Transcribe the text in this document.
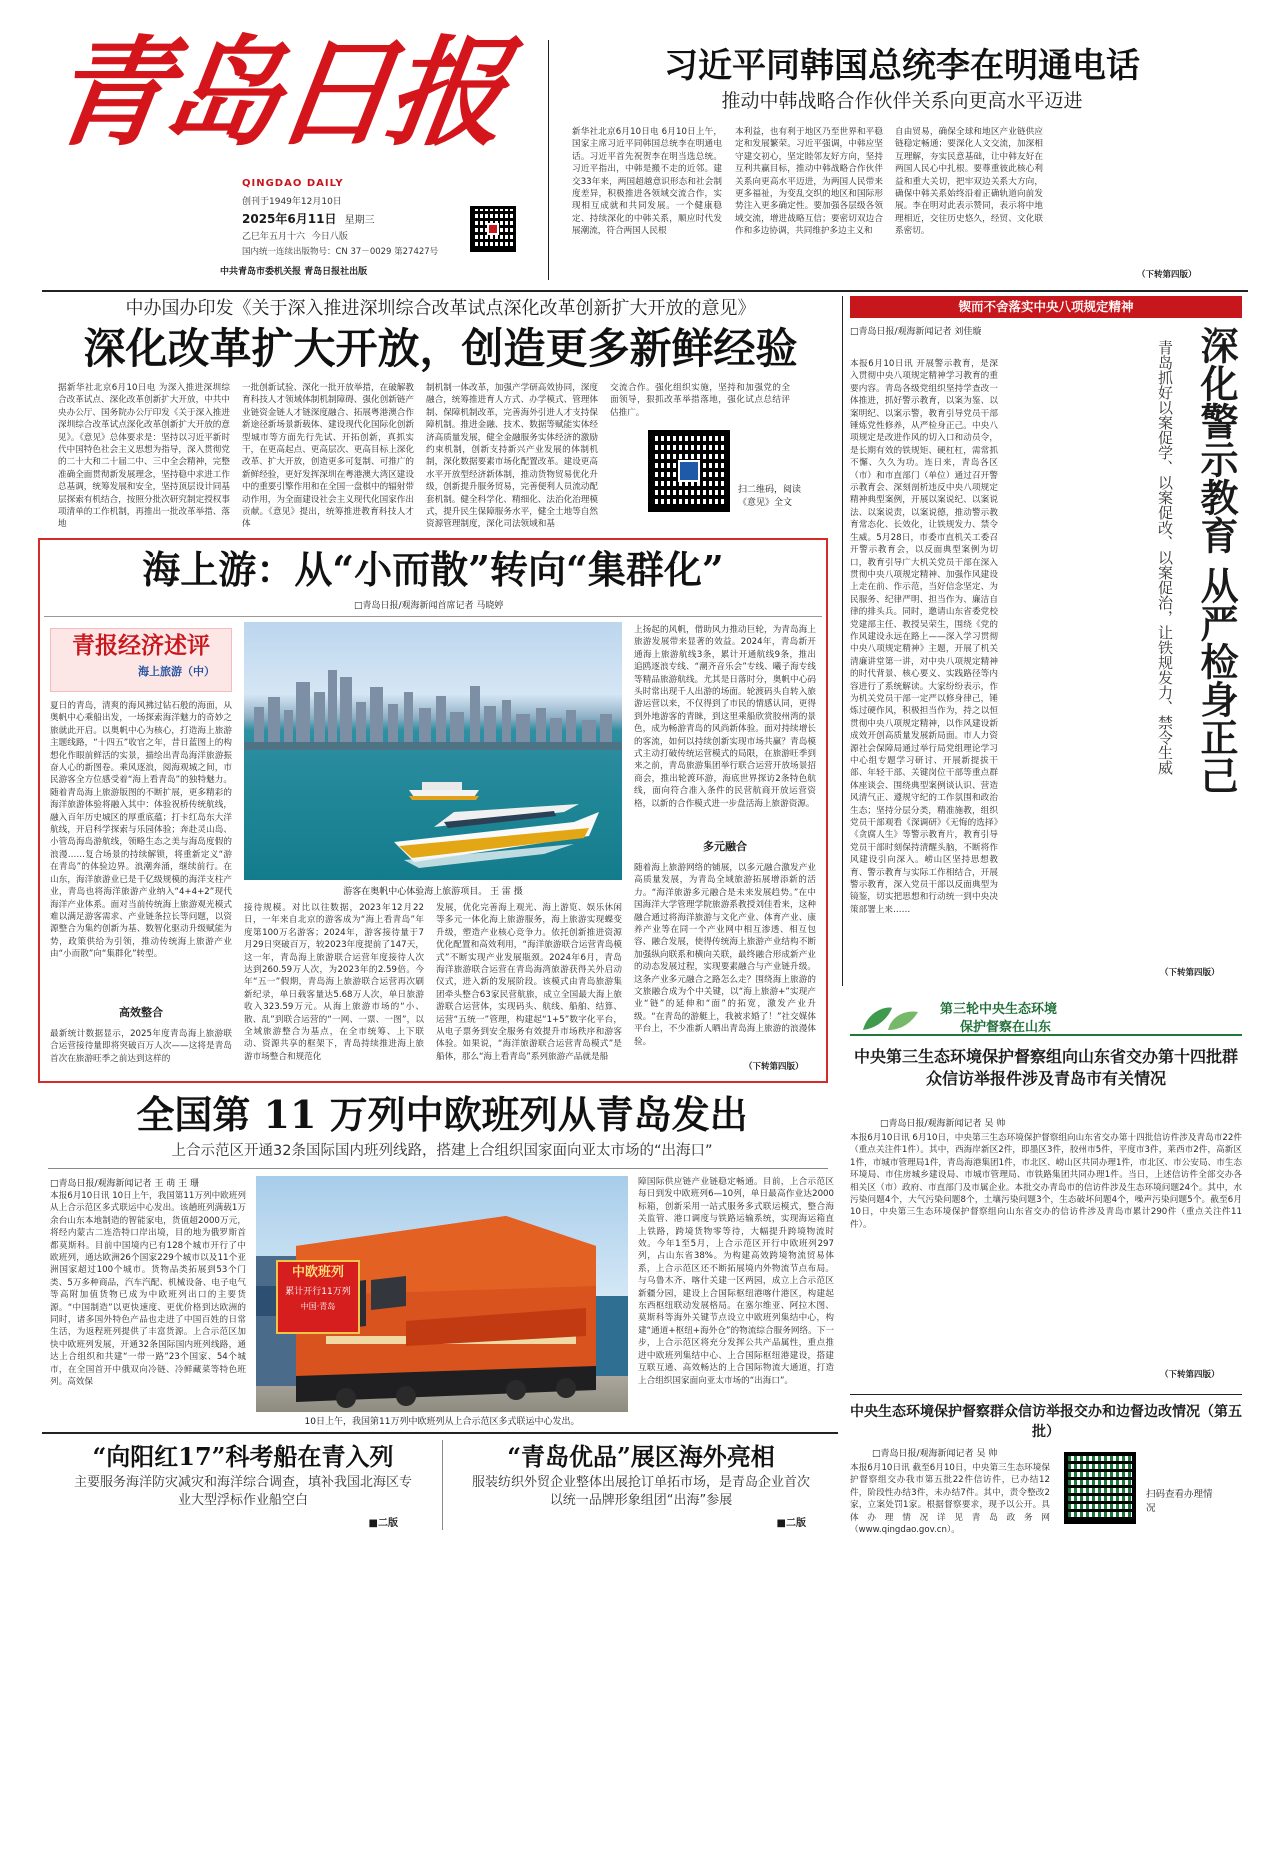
青岛日报
QINGDAO DAILY
创刊于1949年12月10日
2025年6月11日 星期三
乙巳年五月十六 今日八版
国内统一连续出版物号：CN 37－0029 第27427号
中共青岛市委机关报 青岛日报社出版
习近平同韩国总统李在明通电话
推动中韩战略合作伙伴关系向更高水平迈进
新华社北京6月10日电 6月10日上午，国家主席习近平同韩国总统李在明通电话。习近平首先祝贺李在明当选总统。习近平指出，中韩是搬不走的近邻。建交33年来，两国超越意识形态和社会制度差异，积极推进各领域交流合作，实现相互成就和共同发展。一个健康稳定、持续深化的中韩关系，顺应时代发展潮流，符合两国人民根
本利益，也有利于地区乃至世界和平稳定和发展繁荣。习近平强调，中韩应坚守建交初心，坚定睦邻友好方向，坚持互利共赢目标，推动中韩战略合作伙伴关系向更高水平迈进，为两国人民带来更多福祉，为变乱交织的地区和国际形势注入更多确定性。要加强各层级各领域交流，增进战略互信；要密切双边合作和多边协调，共同维护多边主义和
自由贸易，确保全球和地区产业链供应链稳定畅通；要深化人文交流，加深相互理解，夯实民意基础，让中韩友好在两国人民心中扎根。要尊重彼此核心利益和重大关切，把牢双边关系大方向，确保中韩关系始终沿着正确轨道向前发展。李在明对此表示赞同，表示将中地理相近，交往历史悠久，经贸、文化联系密切。
（下转第四版）
中办国办印发《关于深入推进深圳综合改革试点深化改革创新扩大开放的意见》
深化改革扩大开放，创造更多新鲜经验
据新华社北京6月10日电 为深入推进深圳综合改革试点、深化改革创新扩大开放，中共中央办公厅、国务院办公厅印发《关于深入推进深圳综合改革试点深化改革创新扩大开放的意见》。《意见》总体要求是：坚持以习近平新时代中国特色社会主义思想为指导，深入贯彻党的二十大和二十届二中、三中全会精神，完整准确全面贯彻新发展理念，坚持稳中求进工作总基调，统筹发展和安全，坚持顶层设计同基层探索有机结合，按照分批次研究制定授权事项清单的工作机制，再推出一批改革举措、落地
一批创新试验、深化一批开放举措，在破解教育科技人才领域体制机制障碍、强化创新链产业链资金链人才链深度融合、拓展粤港澳合作新途径新场景新载体、建设现代化国际化创新型城市等方面先行先试、开拓创新，真抓实干，在更高起点、更高层次、更高目标上深化改革、扩大开放，创造更多可复制、可推广的新鲜经验，更好发挥深圳在粤港澳大湾区建设中的重要引擎作用和在全国一盘棋中的辐射带动作用，为全面建设社会主义现代化国家作出贡献。《意见》提出，统筹推进教育科技人才体
制机制一体改革，加强产学研高效协同，深度融合，统筹推进育人方式、办学模式、管理体制、保障机制改革，完善海外引进人才支持保障机制。推进金融、技术、数据等赋能实体经济高质量发展，健全金融服务实体经济的激励约束机制，创新支持新兴产业发展的体制机制，深化数据要素市场化配置改革。建设更高水平开放型经济新体制，推动货物贸易优化升级，创新提升服务贸易，完善便利人员流动配套机制。健全科学化、精细化、法治化治理模式，提升民生保障服务水平，健全土地等自然资源管理制度，深化司法领域和基
交流合作。强化组织实施，坚持和加强党的全面领导，狠抓改革举措落地，强化试点总结评估推广。
扫二维码，阅读《意见》全文
锲而不舍落实中央八项规定精神
□青岛日报/观海新闻记者 刘佳璇
本报6月10日讯 开展警示教育，是深入贯彻中央八项规定精神学习教育的重要内容。青岛各级党组织坚持学查改一体推进，抓好警示教育，以案为鉴、以案明纪、以案示警，教育引导党员干部锤炼党性修养，从严检身正己。中央八项规定是改进作风的切入口和动员令，是长期有效的铁规矩、硬杠杠，需常抓不懈、久久为功。连日来，青岛各区（市）和市直部门（单位）通过召开警示教育会、深刻剖析违反中央八项规定精神典型案例，开展以案说纪、以案说法、以案说责，以案说德，推动警示教育常态化、长效化，让铁规发力、禁令生威。5月28日，市委市直机关工委召开警示教育会，以反面典型案例为切口，教育引导广大机关党员干部在深入贯彻中央八项规定精神、加强作风建设上走在前、作示范，当好信念坚定、为民服务、纪律严明、担当作为、廉洁自律的排头兵。同时，邀请山东省委党校党建部主任、教授吴荣生，围绕《党的作风建设永远在路上——深入学习贯彻中央八项规定精神》主题，开展了机关清廉讲堂第一讲，对中央八项规定精神的时代背景、核心要义、实践路径等内容进行了系统解读。大家纷纷表示，作为机关党员干部一定严以修身律己，锤炼过硬作风，积极担当作为，持之以恒贯彻中央八项规定精神，以作风建设新成效开创高质量发展新局面。市人力资源社会保障局通过举行局党组理论学习中心组专题学习研讨、开展新提拔干部、年轻干部、关键岗位干部等重点群体座谈会、围绕典型案例谈认识、营造风清气正、遵规守纪的工作氛围和政治生态；坚持分层分类，精准施教，组织党员干部观看《深调研》《无悔的选择》《贪腐人生》等警示教育片，教育引导党员干部时刻保持清醒头脑，不断将作风建设引向深入。崂山区坚持思想教育、警示教育与实际工作相结合，开展警示教育，深入党员干部以反面典型为镜鉴，切实把思想和行动统一到中央决策部署上来……
深化警示教育
从严检身正己
青岛抓好以案促学、以案促改、以案促治，让铁规发力、禁令生威
（下转第四版）
海上游：从“小而散”转向“集群化”
□青岛日报/观海新闻首席记者 马晓婷
青报经济述评
海上旅游（中）
夏日的青岛，清爽的海风拂过钻石般的海面，从奥帆中心乘船出发，一场探索海洋魅力的奇妙之旅就此开启。以奥帆中心为核心，打造海上旅游主题线路，“十四五”收官之年，昔日蓝图上的构想化作眼前鲜活的实景，描绘出青岛海洋旅游振奋人心的新图卷。乘风逐浪，阅海观城之间，市民游客全方位感受着“海上看青岛”的独特魅力。随着青岛海上旅游版图的不断扩展，更多精彩的海洋旅游体验将融入其中：体验祝桥传统航线，融入百年历史城区的厚重底蕴；打卡红岛东大洋航线，开启科学探索与乐园体验；奔赴灵山岛、小管岛海岛游航线，领略生态之美与海岛度假的浪漫……复合场景的持续解锁，将重新定义“游在青岛”的体验边界。浪潮奔涌，继续前行。在山东，海洋旅游业已是千亿级规模的海洋支柱产业，青岛也将海洋旅游产业纳入“4+4+2”现代海洋产业体系。面对当前传统海上旅游观光模式难以满足游客需求、产业链条拉长等问题，以资源整合为集约创新为基、数智化驱动升级赋能为势，政策供给为引领，推动传统海上旅游产业由“小而散”向“集群化”转型。
高效整合
最新统计数据显示，2025年度青岛海上旅游联合运营接待量即将突破百万人次——这将是青岛首次在旅游旺季之前达到这样的
游客在奥帆中心体验海上旅游项目。 王 雷 摄
接待规模。对比以往数据，2023年12月22日，一年来自北京的游客成为“海上看青岛”年度第100万名游客；2024年，游客接待量于7月29日突破百万，较2023年度提前了147天，这一年，青岛海上旅游联合运营年度接待人次达到260.59万人次，为2023年的2.59倍。今年“五一”假期，青岛海上旅游联合运营再次刷新纪录，单日载客量达5.68万人次，单日旅游收入323.59万元。从海上旅游市场的“小、散、乱”到联合运营的“一网、一票、一图”，以全域旅游整合为基点，在全市统筹、上下联动、资源共享的框架下，青岛持续推进海上旅游市场整合和规范化
发展，优化完善海上观光、海上游览、娱乐休闲等多元一体化海上旅游服务，海上旅游实现蝶变升级，塑造产业核心竞争力。依托创新推进资源优化配置和高效利用，“海洋旅游联合运营青岛模式”不断实现产业发展瓶颈。2024年6月，青岛海洋旅游联合运营在青岛海湾旅游获得关外启动仪式，进入新的发展阶段。该模式由青岛旅游集团牵头整合63家民营航旅，成立全国最大海上旅游联合运营体，实现码头、航线、船舶、结算、运营“五统一”管理，构建起“1+5”数字化平台，从电子票务到安全服务有效提升市场秩序和游客体验。如果说，“海洋旅游联合运营青岛模式”是船体，那么“海上看青岛”系列旅游产品就是船
上扬起的风帆，借助风力推动巨轮，为青岛海上旅游发展带来显著的效益。2024年，青岛新开通海上旅游航线3条，累计开通航线9条，推出追鸥逐浪专线、“潮齐音乐会”专线、曦子海专线等精品旅游航线。尤其是日落时分，奥帆中心码头时常出现千人出游的场面。轮渡码头自转入旅游运营以来，不仅得到了市民的情感认同，更得到外地游客的青睐，到这里乘船欣赏胶州湾的景色，成为畅游青岛的风尚新体验。面对持续增长的客流，如何以持续创新实现市场共赢？青岛模式主动打破传统运营模式的局限，在旅游旺季到来之前，青岛旅游集团举行联合运营开放场景招商会，推出轮渡环游，海底世界探访2条特色航线，面向符合准入条件的民营航商开放运营资格，以新的合作模式进一步盘活海上旅游资源。
多元融合
随着海上旅游网络的铺展，以多元融合激发产业高质量发展，为青岛全域旅游拓展增添新的活力。“海洋旅游多元融合是未来发展趋势。”在中国海洋大学管理学院旅游系教授刘佳看来，这种融合通过将海洋旅游与文化产业、体育产业、康养产业等在同一个产业网中相互渗透、相互包容、融合发展，使得传统海上旅游产业结构不断加强纵向联系和横向关联，最终融合形成新产业的动态发展过程，实现要素融合与产业链升级。这条产业多元融合之路怎么走？围绕海上旅游的文旅融合成为个中关键，以“海上旅游+”实现产业“链”的延伸和“面”的拓宽，激发产业升级。“在青岛的游艇上，我被求婚了！”社交媒体平台上，不少准新人晒出青岛海上旅游的浪漫体验。
（下转第四版）
第三轮中央生态环境
保护督察在山东
中央第三生态环境保护督察组向山东省交办第十四批群众信访举报件涉及青岛市有关情况
□青岛日报/观海新闻记者 吴 帅
本报6月10日讯 6月10日，中央第三生态环境保护督察组向山东省交办第十四批信访件涉及青岛市22件（重点关注件1件）。其中，西海岸新区2件，即墨区3件，胶州市5件，平度市3件，莱西市2件，高新区1件，市城市管理局1件，青岛海港集团1件，市北区、崂山区共同办理1件，市北区、市公安局、市生态环境局、市住房城乡建设局、市城市管理局、市铁路集团共同办理1件。当日，上述信访件全部交办各相关区（市）政府、市直部门及市属企业。本批交办青岛市的信访件涉及生态环境问题24个。其中，水污染问题4个，大气污染问题8个，土壤污染问题3个，生态破坏问题4个，噪声污染问题5个。截至6月10日，中央第三生态环境保护督察组向山东省交办的信访件涉及青岛市累计290件（重点关注件11件）。
（下转第四版）
中央生态环境保护督察群众信访举报交办和边督边改情况（第五批）
□青岛日报/观海新闻记者 吴 帅
本报6月10日讯 截至6月10日，中央第三生态环境保护督察组交办我市第五批22件信访件，已办结12件，阶段性办结3件，未办结7件。其中，责令整改2家，立案处罚1家。根据督察要求，现予以公开。具体办理情况详见青岛政务网（www.qingdao.gov.cn）。
扫码查看办理情况
全国第 11 万列中欧班列从青岛发出
上合示范区开通32条国际国内班列线路，搭建上合组织国家面向亚太市场的“出海口”
□青岛日报/观海新闻记者 王 萌 王 珊
本报6月10日讯 10日上午，我国第11万列中欧班列从上合示范区多式联运中心发出。该趟班列满载1万余台山东本地制造的智能家电，货值超2000万元，将经内蒙古二连浩特口岸出境，目的地为俄罗斯首都莫斯科。目前中国境内已有128个城市开行了中欧班列，通达欧洲26个国家229个城市以及11个亚洲国家超过100个城市。货物品类拓展到53个门类、5万多种商品，汽车汽配、机械设备、电子电气等高附加值货物已成为中欧班列出口的主要货源。“中国制造”以更快速度、更优价格到达欧洲的同时，诸多国外特色产品也走进了中国百姓的日常生活，为返程班列提供了丰富货源。上合示范区加快中欧班列发展，开通32条国际国内班列线路，通达上合组织和共建“一带一路”23个国家、54个城市，在全国首开中俄双向冷链、冷鲜藏菜等特色班列。高效保
中欧班列
累计开行11万列
中国·青岛
10日上午，我国第11万列中欧班列从上合示范区多式联运中心发出。
障国际供应链产业链稳定畅通。目前，上合示范区每日到发中欧班列6—10列，单日最高作业达2000标箱，创新采用一站式服务多式联运模式，整合海关监管、港口调度与铁路运输系统，实现海运箱直上铁路，跨境货物零等待，大幅提升跨境物流时效。今年1至5月，上合示范区开行中欧班列297列，占山东省38%。为构建高效跨境物流贸易体系，上合示范区还不断拓展境内外物流节点布局。与乌鲁木齐、喀什关建一区两园，成立上合示范区新疆分园，建设上合国际枢纽港喀什港区，构建起东西枢纽联动发展格局。在塞尔维亚、阿拉木图、莫斯科等海外关键节点设立中欧班列集结中心，构建“通道+枢纽+海外仓”的物流综合服务网络。下一步，上合示范区将充分发挥公共产品属性，重点推进中欧班列集结中心、上合国际枢纽港建设，搭建互联互通、高效畅达的上合国际物流大通道，打造上合组织国家面向亚太市场的“出海口”。
“向阳红17”科考船在青入列
主要服务海洋防灾减灾和海洋综合调查，填补我国北海区专业大型浮标作业船空白
■二版
“青岛优品”展区海外亮相
服装纺织外贸企业整体出展抢订单拓市场，是青岛企业首次以统一品牌形象组团“出海”参展
■二版
